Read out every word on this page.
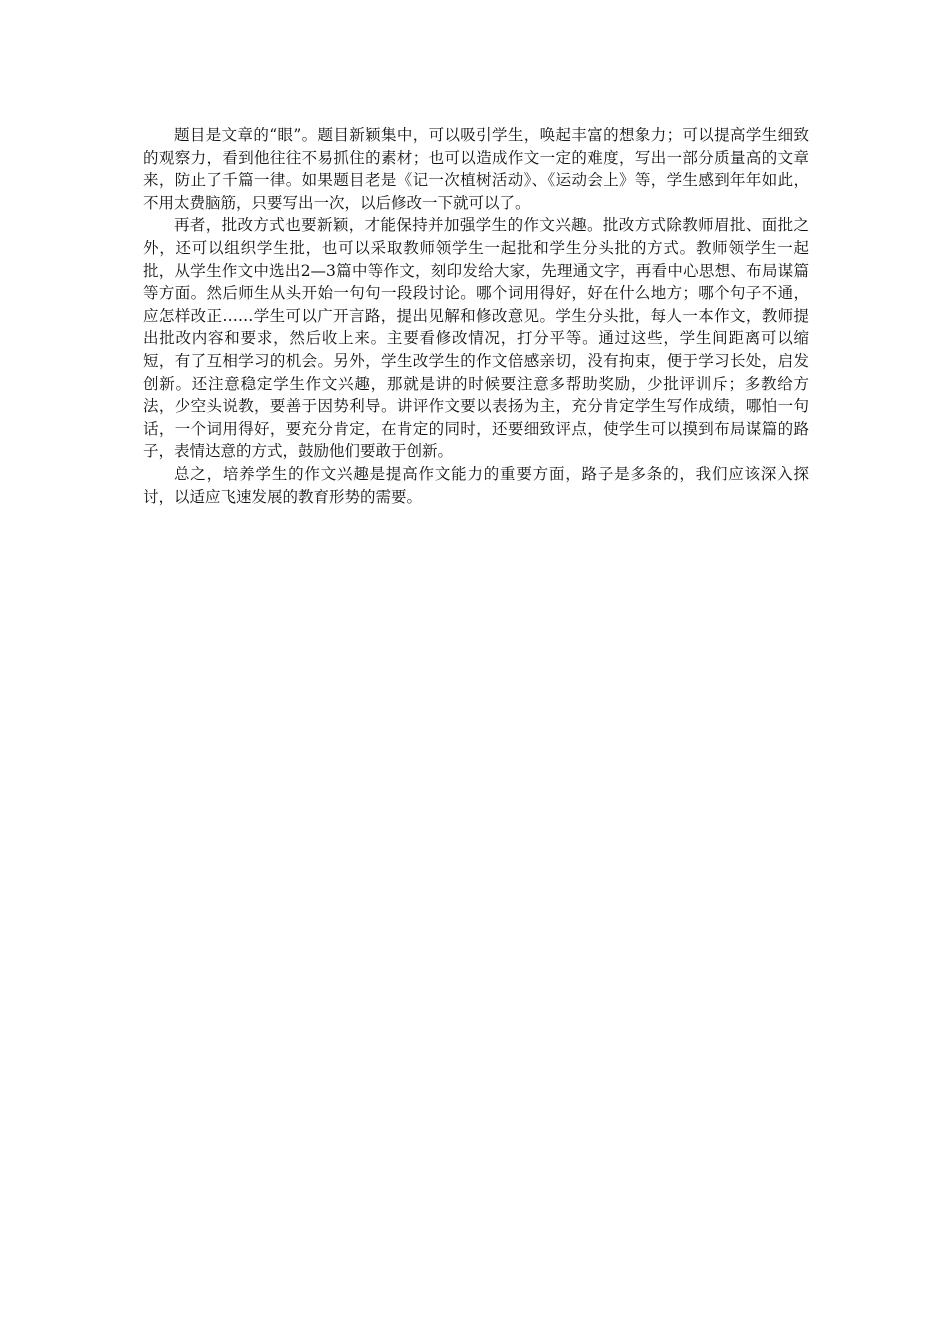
题目是文章的“眼”。题目新颖集中，可以吸引学生，唤起丰富的想象力；可以提高学生细致的观察力，看到他往往不易抓住的素材；也可以造成作文一定的难度，写出一部分质量高的文章来，防止了千篇一律。如果题目老是《记一次植树活动》、《运动会上》等，学生感到年年如此，不用太费脑筋，只要写出一次，以后修改一下就可以了。

再者，批改方式也要新颖，才能保持并加强学生的作文兴趣。批改方式除教师眉批、面批之外，还可以组织学生批，也可以采取教师领学生一起批和学生分头批的方式。教师领学生一起批，从学生作文中选出2—3篇中等作文，刻印发给大家，先理通文字，再看中心思想、布局谋篇等方面。然后师生从头开始一句句一段段讨论。哪个词用得好，好在什么地方；哪个句子不通，应怎样改正……学生可以广开言路，提出见解和修改意见。学生分头批，每人一本作文，教师提出批改内容和要求，然后收上来。主要看修改情况，打分平等。通过这些，学生间距离可以缩短，有了互相学习的机会。另外，学生改学生的作文倍感亲切，没有拘束，便于学习长处，启发创新。还注意稳定学生作文兴趣，那就是讲的时候要注意多帮助奖励，少批评训斥；多教给方法，少空头说教，要善于因势利导。讲评作文要以表扬为主，充分肯定学生写作成绩，哪怕一句话，一个词用得好，要充分肯定，在肯定的同时，还要细致评点，使学生可以摸到布局谋篇的路子，表情达意的方式，鼓励他们要敢于创新。

总之，培养学生的作文兴趣是提高作文能力的重要方面，路子是多条的，我们应该深入探讨，以适应飞速发展的教育形势的需要。
